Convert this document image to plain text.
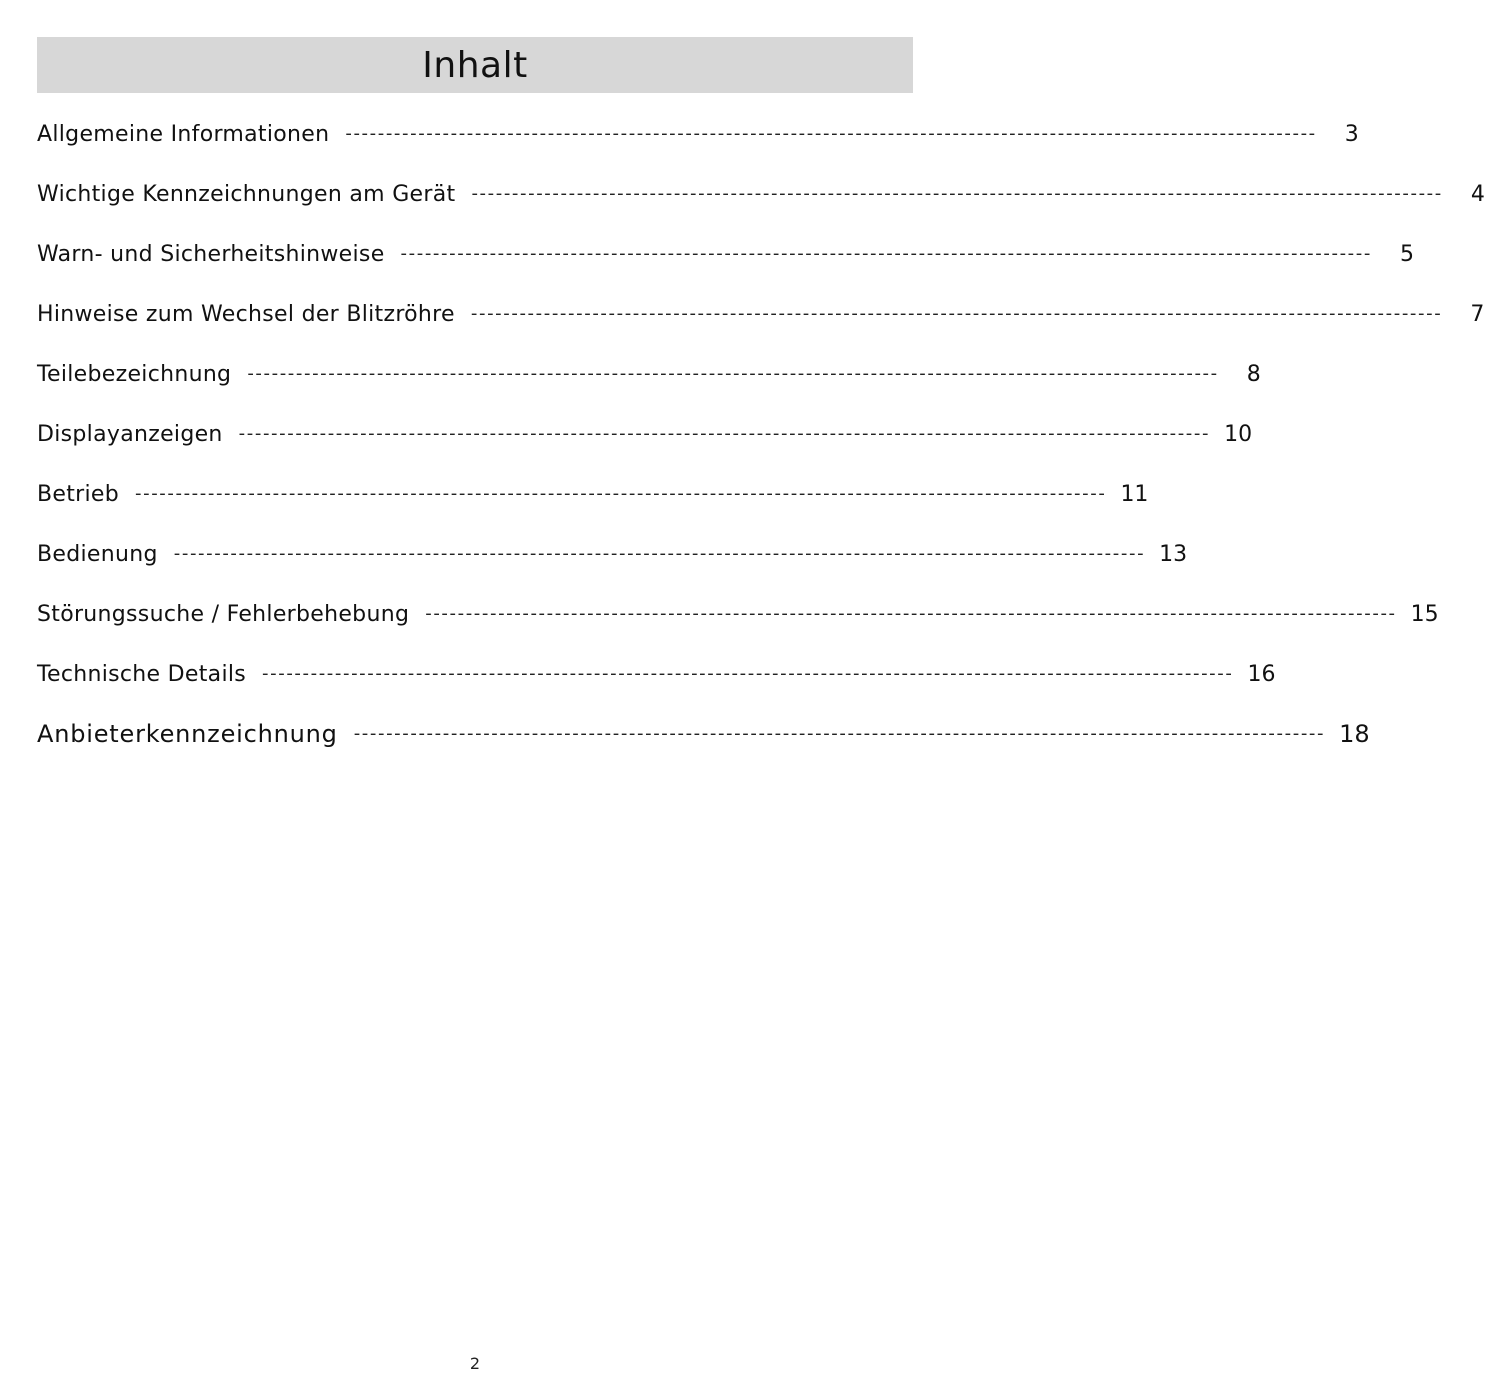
Inhalt
Allgemeine Informationen ------------------------------------------------------------------------------------------------------------------------	3
Wichtige Kennzeichnungen am Gerät ------------------------------------------------------------------------------------------------------------------------	4
Warn- und Sicherheitshinweise ------------------------------------------------------------------------------------------------------------------------	5
Hinweise zum Wechsel der Blitzröhre ------------------------------------------------------------------------------------------------------------------------	7
Teilebezeichnung ------------------------------------------------------------------------------------------------------------------------	8
Displayanzeigen ------------------------------------------------------------------------------------------------------------------------ 10
Betrieb ------------------------------------------------------------------------------------------------------------------------ 11
Bedienung ------------------------------------------------------------------------------------------------------------------------ 13
Störungssuche / Fehlerbehebung ------------------------------------------------------------------------------------------------------------------------ 15
Technische Details ------------------------------------------------------------------------------------------------------------------------ 16
Anbieterkennzeichnung ------------------------------------------------------------------------------------------------------------------------ 18
2
